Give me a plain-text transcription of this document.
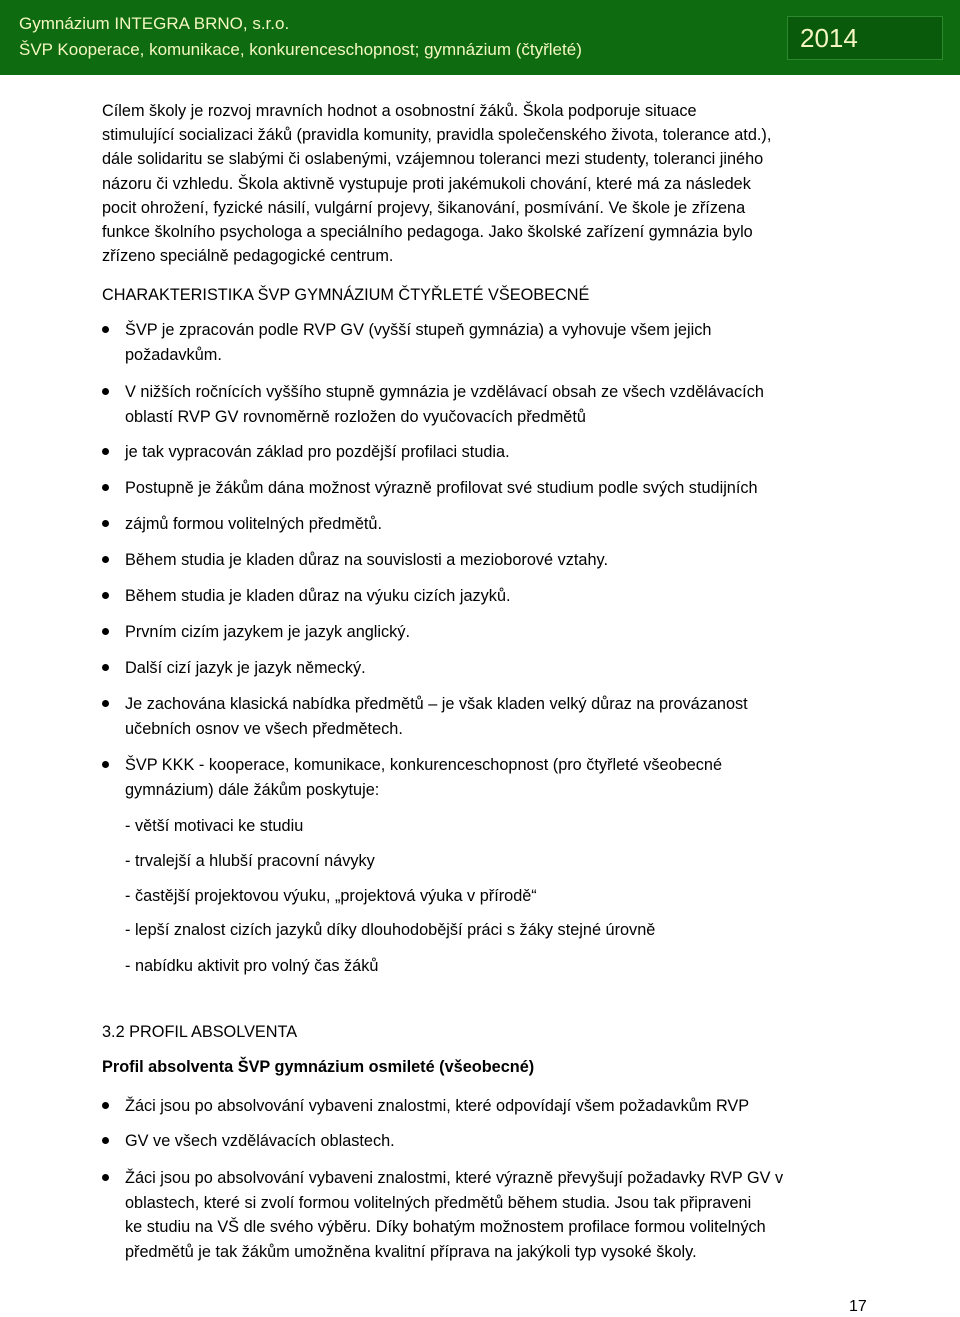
Gymnázium INTEGRA BRNO, s.r.o.
ŠVP Kooperace, komunikace, konkurenceschopnost; gymnázium (čtyřleté)	2014

Cílem školy je rozvoj mravních hodnot a osobnostní žáků. Škola podporuje situace
stimulující socializaci žáků (pravidla komunity, pravidla společenského života, tolerance atd.),
dále solidaritu se slabými či oslabenými, vzájemnou toleranci mezi studenty, toleranci jiného
názoru či vzhledu. Škola aktivně vystupuje proti jakémukoli chování, které má za následek
pocit ohrožení, fyzické násilí, vulgární projevy, šikanování, posmívání. Ve škole je zřízena
funkce školního psychologa a speciálního pedagoga. Jako školské zařízení gymnázia bylo
zřízeno speciálně pedagogické centrum.

CHARAKTERISTIKA ŠVP GYMNÁZIUM ČTYŘLETÉ VŠEOBECNÉ
ŠVP je zpracován podle RVP GV (vyšší stupeň gymnázia) a vyhovuje všem jejich
požadavkům.
V nižších ročnících vyššího stupně gymnázia je vzdělávací obsah ze všech vzdělávacích
oblastí RVP GV rovnoměrně rozložen do vyučovacích předmětů
je tak vypracován základ pro pozdější profilaci studia.
Postupně je žákům dána možnost výrazně profilovat své studium podle svých studijních
zájmů formou volitelných předmětů.
Během studia je kladen důraz na souvislosti a mezioborové vztahy.
Během studia je kladen důraz na výuku cizích jazyků.
Prvním cizím jazykem je jazyk anglický.
Další cizí jazyk je jazyk německý.
Je zachována klasická nabídka předmětů – je však kladen velký důraz na provázanost
učebních osnov ve všech předmětech.
ŠVP KKK - kooperace, komunikace, konkurenceschopnost (pro čtyřleté všeobecné
gymnázium) dále žákům poskytuje:
- větší motivaci ke studiu
- trvalejší a hlubší pracovní návyky
- častější projektovou výuku, „projektová výuka v přírodě“
- lepší znalost cizích jazyků díky dlouhodobější práci s žáky stejné úrovně
- nabídku aktivit pro volný čas žáků
3.2 PROFIL ABSOLVENTA
Profil absolventa ŠVP gymnázium osmileté (všeobecné)
Žáci jsou po absolvování vybaveni znalostmi, které odpovídají všem požadavkům RVP
GV ve všech vzdělávacích oblastech.
Žáci jsou po absolvování vybaveni znalostmi, které výrazně převyšují požadavky RVP GV v
oblastech, které si zvolí formou volitelných předmětů během studia. Jsou tak připraveni
ke studiu na VŠ dle svého výběru. Díky bohatým možnostem profilace formou volitelných
předmětů je tak žákům umožněna kvalitní příprava na jakýkoli typ vysoké školy.
17
